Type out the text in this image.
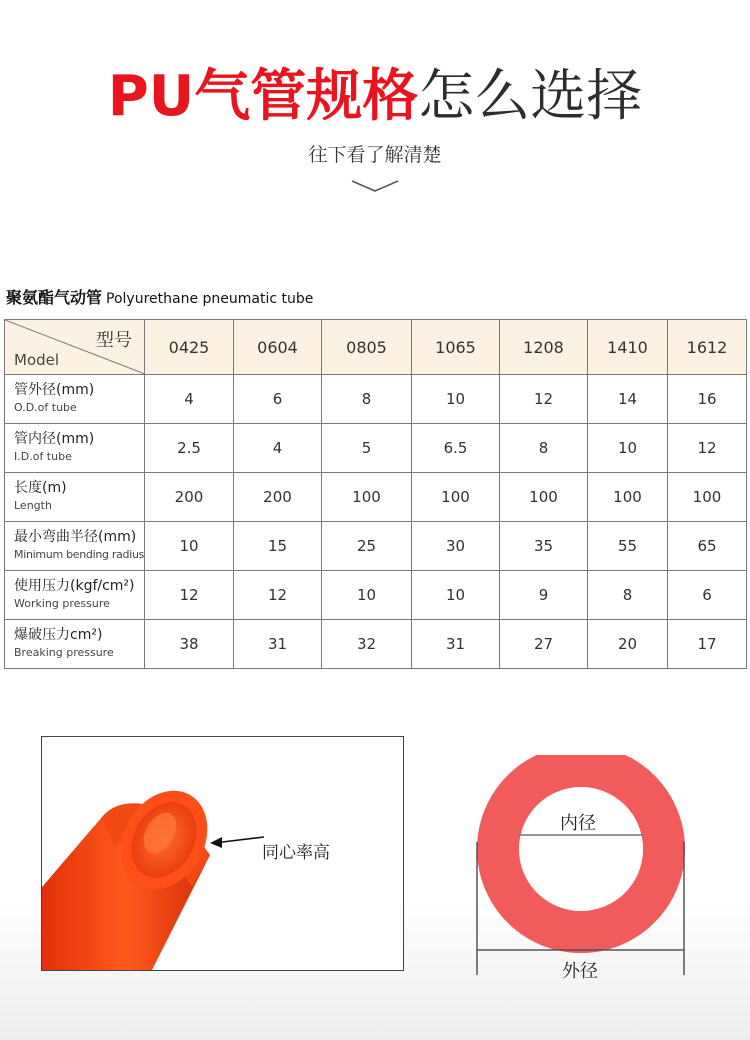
PU气管规格怎么选择
往下看了解清楚
聚氨酯气动管 Polyurethane pneumatic tube
型号
Model	0425	0604	0805	1065	1208	1410	1612

管外径(mm)
O.D.of tube	4	6	8	10	12	14	16

管内径(mm)
I.D.of tube	2.5	4	5	6.5	8	10	12

长度(m)
Length	200	200	100	100	100	100	100

最小弯曲半径(mm)
Minimum bending radius	10	15	25	30	35	55	65

使用压力(kgf/cm²)
Working pressure	12	12	10	10	9	8	6

爆破压力cm²)
Breaking pressure	38	31	32	31	27	20	17
同心率高
内径
外径
